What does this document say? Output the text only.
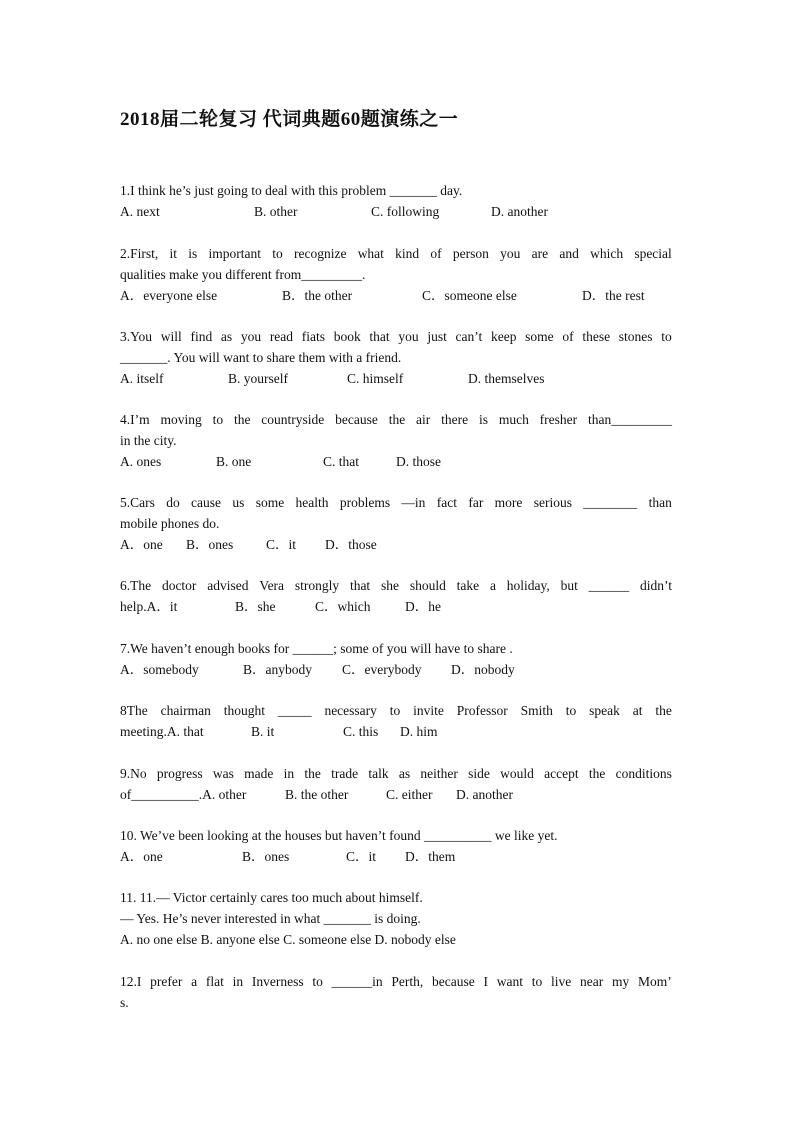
2018届二轮复习 代词典题60题演练之一
1.I think he’s just going to deal with this problem _______ day.
A. next	B. other	C. following	D. another
2.First, it is important to recognize what kind of person you are and which special
qualities make you different from_________.
A．everyone else	B．the other	C．someone else	D．the rest
3.You will find as you read fiats book that you just can’t keep some of these stones to
_______. You will want to share them with a friend.
A. itself	B. yourself	C. himself	D. themselves
4.I’m moving to the countryside because the air there is much fresher than_________
in the city.
A. ones	B. one	C. that	D. those
5.Cars do cause us some health problems —in fact far more serious ________ than
mobile phones do.
A．one B．ones C．it D．those
6.The doctor advised Vera strongly that she should take a holiday, but ______ didn’t
help.A．it	B．she	C．which	D．he
7.We haven’t enough books for ______; some of you will have to share .
A．somebody	B．anybody C．everybody D．nobody
8The chairman thought _____ necessary to invite Professor Smith to speak at the
meeting.A. that	B. it	C. this D. him
9.No progress was made in the trade talk as neither side would accept the conditions
of__________.A. other	B. the other	C. either D. another
10. We’ve been looking at the houses but haven’t found __________ we like yet.
A．one	B．ones	C．it D．them
11. 11.— Victor certainly cares too much about himself.
— Yes. He’s never interested in what _______ is doing.
A. no one else B. anyone else C. someone else D. nobody else
12.I prefer a flat in Inverness to ______in Perth, because I want to live near my Mom’
s.
